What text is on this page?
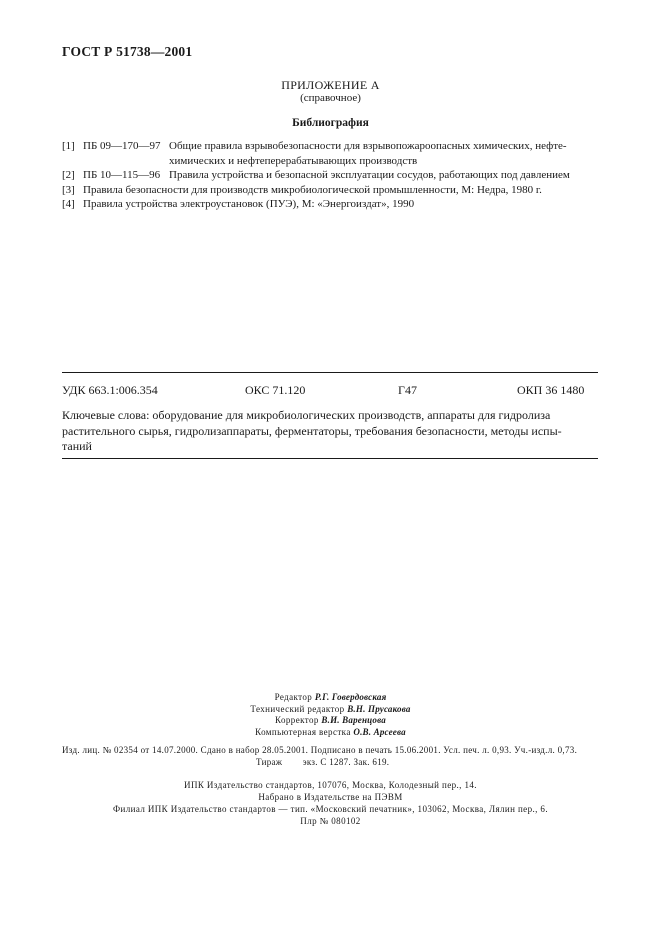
ГОСТ Р 51738—2001
ПРИЛОЖЕНИЕ А
(справочное)
Библиография
[1] ПБ 09—170—97 Общие правила взрывобезопасности для взрывопожароопасных химических, нефте-
химических и нефтеперерабатывающих производств
[2] ПБ 10—115—96 Правила устройства и безопасной эксплуатации сосудов, работающих под давлением
[3] Правила безопасности для производств микробиологической промышленности, М: Недра, 1980 г.
[4] Правила устройства электроустановок (ПУЭ), М: «Энергоиздат», 1990
УДК 663.1:006.354	ОКС 71.120	Г47	ОКП 36 1480
Ключевые слова: оборудование для микробиологических производств, аппараты для гидролиза
растительного сырья, гидролизаппараты, ферментаторы, требования безопасности, методы испы-
таний
Редактор Р.Г. Говердовская
Технический редактор В.Н. Прусакова
Корректор В.И. Варенцова
Компьютерная верстка О.В. Арсеева
Изд. лиц. № 02354 от 14.07.2000. Сдано в набор 28.05.2001. Подписано в печать 15.06.2001. Усл. печ. л. 0,93. Уч.-изд.л. 0,73.
Тираж        экз. С 1287. Зак. 619.
ИПК Издательство стандартов, 107076, Москва, Колодезный пер., 14.
Набрано в Издательстве на ПЭВМ
Филиал ИПК Издательство стандартов — тип. «Московский печатник», 103062, Москва, Лялин пер., 6.
Плр № 080102
